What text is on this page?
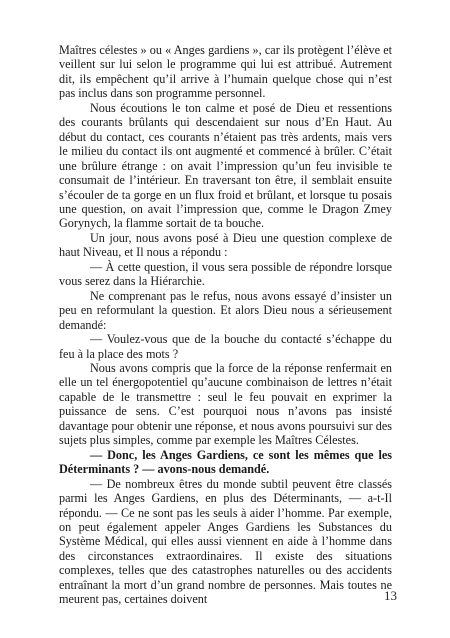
Maîtres célestes » ou « Anges gardiens », car ils protègent l’élève et veillent sur lui selon le programme qui lui est attribué. Autrement dit, ils empêchent qu’il arrive à l’humain quelque chose qui n’est pas inclus dans son programme personnel.

Nous écoutions le ton calme et posé de Dieu et ressentions des courants brûlants qui descendaient sur nous d’En Haut. Au début du contact, ces courants n’étaient pas très ardents, mais vers le milieu du contact ils ont augmenté et commencé à brûler. C’était une brûlure étrange : on avait l’impression qu’un feu invisible te consumait de l’intérieur. En traversant ton être, il semblait ensuite s’écouler de ta gorge en un flux froid et brûlant, et lorsque tu posais une question, on avait l’impression que, comme le Dragon Zmey Gorynych, la flamme sortait de ta bouche.

Un jour, nous avons posé à Dieu une question complexe de haut Niveau, et Il nous a répondu :

— À cette question, il vous sera possible de répondre lorsque vous serez dans la Hiérarchie.

Ne comprenant pas le refus, nous avons essayé d’insister un peu en reformulant la question. Et alors Dieu nous a sérieusement demandé:

— Voulez-vous que de la bouche du contacté s’échappe du feu à la place des mots ?

Nous avons compris que la force de la réponse renfermait en elle un tel énergopotentiel qu’aucune combinaison de lettres n’était capable de le transmettre : seul le feu pouvait en exprimer la puissance de sens. C’est pourquoi nous n’avons pas insisté davantage pour obtenir une réponse, et nous avons poursuivi sur des sujets plus simples, comme par exemple les Maîtres Célestes.

— Donc, les Anges Gardiens, ce sont les mêmes que les Déterminants ? — avons-nous demandé.

— De nombreux êtres du monde subtil peuvent être classés parmi les Anges Gardiens, en plus des Déterminants, — a-t-Il répondu. — Ce ne sont pas les seuls à aider l’homme. Par exemple, on peut également appeler Anges Gardiens les Substances du Système Médical, qui elles aussi viennent en aide à l’homme dans des circonstances extraordinaires. Il existe des situations complexes, telles que des catastrophes naturelles ou des accidents entraînant la mort d’un grand nombre de personnes. Mais toutes ne meurent pas, certaines doivent	13
